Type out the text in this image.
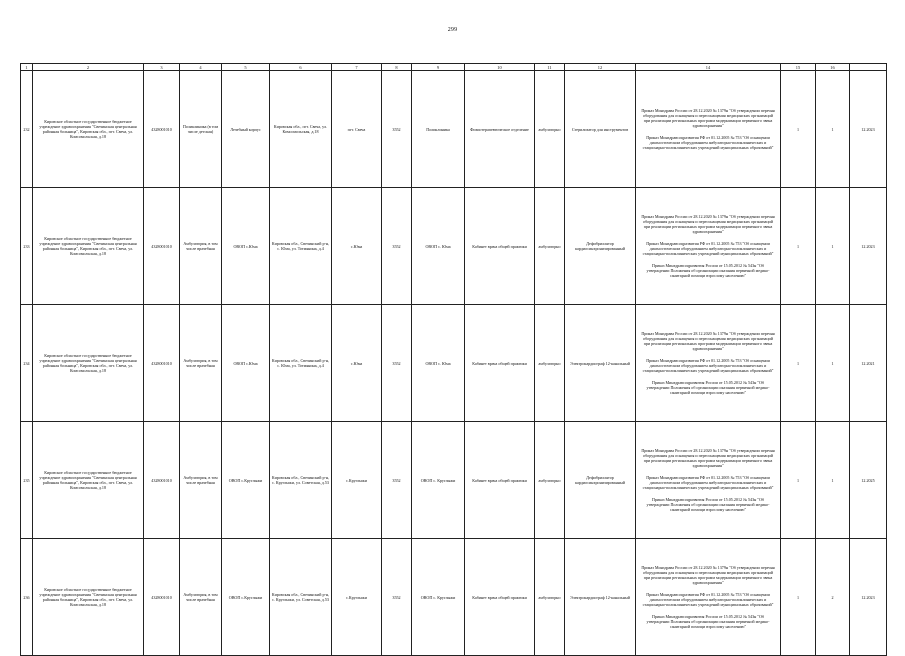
299
1	2	3	4	5	6	7	8	9	10	11	12	14	15	16	
232	Кировское областное государственное бюджетное учреждение здравоохранения "Свечинская центральная районная больница", Кировская обл., пгт. Свеча, ул. Комсомольская, д.18	4328001010	Поликлиника (в том числе детская)	Лечебный корпус	Кировская обл., пгт. Свеча, ул. Комсомольская, д.18	пгт. Свеча	3552	Поликлиника	Физиотерапевтическое отделение	амбулаторно	Стерилизатор для инструментов	Приказ Минздрава России от 28.12.2020 № 1379н "Об утверждении перечня оборудования для оснащения и переоснащения медицинских организаций при реализации региональных программ модернизации первичного звена здравоохранения"

Приказ Минздравсоцразвития РФ от 01.12.2005 № 753 "Об оснащении диагностическим оборудованием амбулаторно-поликлинических и стационарно-поликлинических учреждений муниципальных образований"	1	1	12.2023
233	Кировское областное государственное бюджетное учреждение здравоохранения "Свечинская центральная районная больница", Кировская обл., пгт. Свеча, ул. Комсомольская, д.18	4328001010	Амбулатория, в том числе врачебная	ОВОП с.Юма	Кировская обл., Свечинский р-н, с. Юма, ул. Тотмянина, д.4	с.Юма	3552	ОВОП с. Юма	Кабинет врача общей практики	амбулаторно	Дефибриллятор кардиосинхронизированный	Приказ Минздрава России от 28.12.2020 № 1379н "Об утверждении перечня оборудования для оснащения и переоснащения медицинских организаций при реализации региональных программ модернизации первичного звена здравоохранения"

Приказ Минздравсоцразвития РФ от 01.12.2005 № 753 "Об оснащении диагностическим оборудованием амбулаторно-поликлинических и стационарно-поликлинических учреждений муниципальных образований"

Приказ Минздравсоцразвития России от 15.05.2012 № 543н "Об утверждении Положения об организации оказания первичной медико-санитарной помощи взрослому населению"	1	1	12.2023
234	Кировское областное государственное бюджетное учреждение здравоохранения "Свечинская центральная районная больница", Кировская обл., пгт. Свеча, ул. Комсомольская, д.18	4328001010	Амбулатория, в том числе врачебная	ОВОП с.Юма	Кировская обл., Свечинский р-н, с. Юма, ул. Тотмянина, д.4	с.Юма	3552	ОВОП с. Юма	Кабинет врача общей практики	амбулаторно	Электрокардиограф 12-канальный	Приказ Минздрава России от 28.12.2020 № 1379н "Об утверждении перечня оборудования для оснащения и переоснащения медицинских организаций при реализации региональных программ модернизации первичного звена здравоохранения"

Приказ Минздравсоцразвития РФ от 01.12.2005 № 753 "Об оснащении диагностическим оборудованием амбулаторно-поликлинических и стационарно-поликлинических учреждений муниципальных образований"

Приказ Минздравсоцразвития России от 15.05.2012 № 543н "Об утверждении Положения об организации оказания первичной медико-санитарной помощи взрослому населению"	1	1	12.2021
235	Кировское областное государственное бюджетное учреждение здравоохранения "Свечинская центральная районная больница", Кировская обл., пгт. Свеча, ул. Комсомольская, д.18	4328001010	Амбулатория, в том числе врачебная	ОВОП с.Круглыжи	Кировская обл., Свечинский р-н, с. Круглыжи, ул. Советская, д.53	с.Круглыжи	3552	ОВОП с. Круглыжи	Кабинет врача общей практики	амбулаторно	Дефибриллятор кардиосинхронизированный	Приказ Минздрава России от 28.12.2020 № 1379н "Об утверждении перечня оборудования для оснащения и переоснащения медицинских организаций при реализации региональных программ модернизации первичного звена здравоохранения"

Приказ Минздравсоцразвития РФ от 01.12.2005 № 753 "Об оснащении диагностическим оборудованием амбулаторно-поликлинических и стационарно-поликлинических учреждений муниципальных образований"

Приказ Минздравсоцразвития России от 15.05.2012 № 543н "Об утверждении Положения об организации оказания первичной медико-санитарной помощи взрослому населению"	1	1	12.2025
236	Кировское областное государственное бюджетное учреждение здравоохранения "Свечинская центральная районная больница", Кировская обл., пгт. Свеча, ул. Комсомольская, д.18	4328001010	Амбулатория, в том числе врачебная	ОВОП с.Круглыжи	Кировская обл., Свечинский р-н, с. Круглыжи, ул. Советская, д.53	с.Круглыжи	3552	ОВОП с. Круглыжи	Кабинет врача общей практики	амбулаторно	Электрокардиограф 12-канальный	Приказ Минздрава России от 28.12.2020 № 1379н "Об утверждении перечня оборудования для оснащения и переоснащения медицинских организаций при реализации региональных программ модернизации первичного звена здравоохранения"

Приказ Минздравсоцразвития РФ от 01.12.2005 № 753 "Об оснащении диагностическим оборудованием амбулаторно-поликлинических и стационарно-поликлинических учреждений муниципальных образований"

Приказ Минздравсоцразвития России от 15.05.2012 № 543н "Об утверждении Положения об организации оказания первичной медико-санитарной помощи взрослому населению"	1	2	12.2023
